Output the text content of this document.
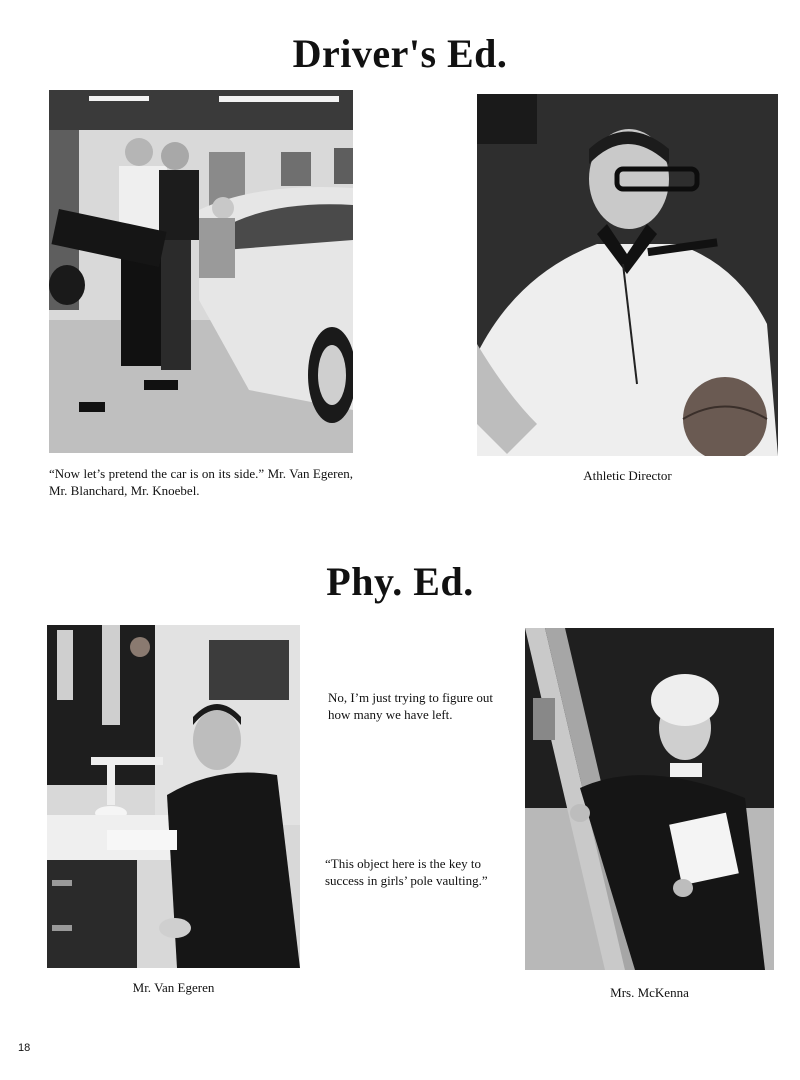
Driver's Ed.
“Now let’s pretend the car is on its side.” Mr. Van Egeren, Mr. Blanchard, Mr. Knoebel.
Athletic Director
Phy. Ed.
No, I’m just trying to figure out how many we have left.
“This object here is the key to success in girls’ pole vaulting.”
Mr. Van Egeren	Mrs. McKenna
18
